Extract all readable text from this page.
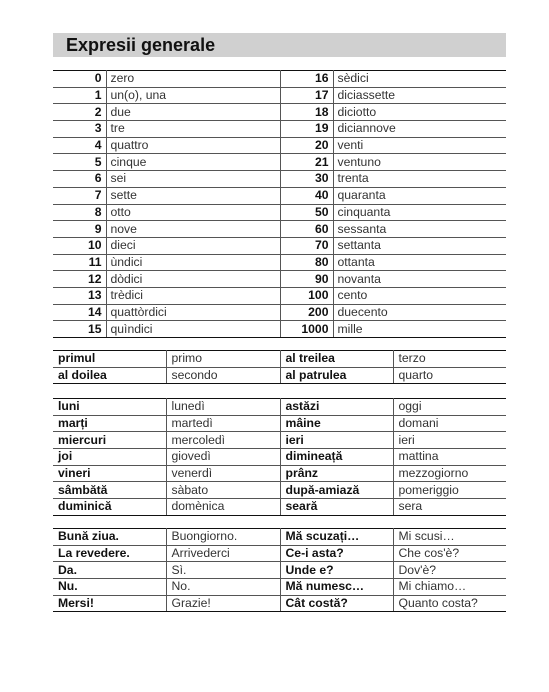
Expresii generale
0	zero	16	sèdici
1	un(o), una	17	diciassette
2	due	18	diciotto
3	tre	19	diciannove
4	quattro	20	venti
5	cinque	21	ventuno
6	sei	30	trenta
7	sette	40	quaranta
8	otto	50	cinquanta
9	nove	60	sessanta
10	dieci	70	settanta
11	ùndici	80	ottanta
12	dòdici	90	novanta
13	trèdici	100	cento
14	quattòrdici	200	duecento
15	quìndici	1000	mille
primul	primo	al treilea	terzo
al doilea	secondo	al patrulea	quarto
luni	lunedì	astăzi	oggi
marți	martedì	mâine	domani
miercuri	mercoledì	ieri	ieri
joi	giovedì	dimineață	mattina
vineri	venerdì	prânz	mezzogiorno
sâmbătă	sàbato	după-amiază	pomeriggio
duminică	domènica	seară	sera
Bună ziua.	Buongiorno.	Mă scuzați…	Mi scusi…
La revedere.	Arrivederci	Ce-i asta?	Che cos'è?
Da.	Sì.	Unde e?	Dov'è?
Nu.	No.	Mă numesc…	Mi chiamo…
Mersi!	Grazie!	Cât costă?	Quanto costa?
